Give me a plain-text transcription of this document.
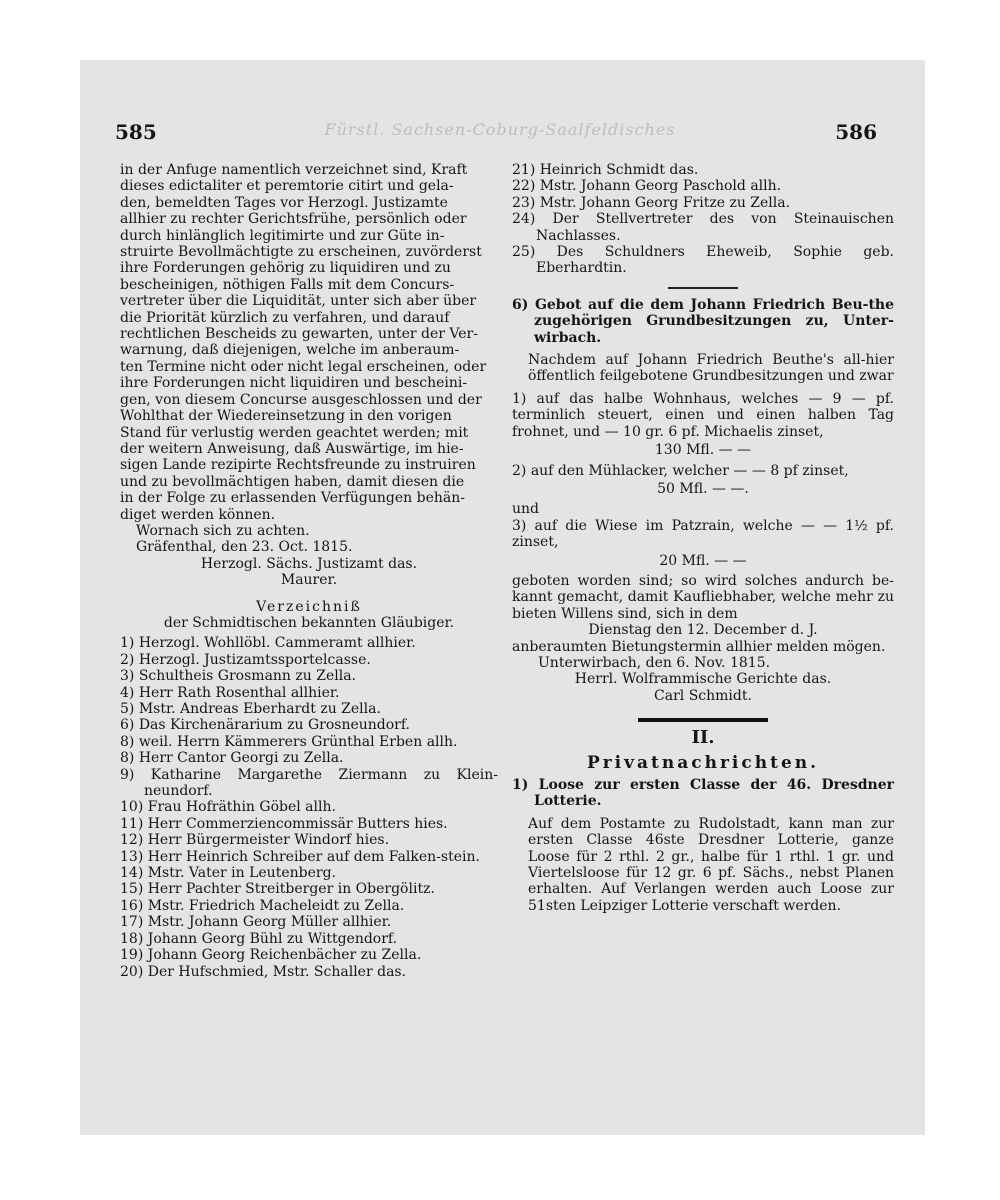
585	Fürstl. Sachsen-Coburg-Saalfeldisches	586
in der Anfuge namentlich verzeichnet sind, Kraft
dieses edictaliter et peremtorie citirt und gela-
den, bemeldten Tages vor Herzogl. Justizamte
allhier zu rechter Gerichtsfrühe, persönlich oder
durch hinlänglich legitimirte und zur Güte in-
struirte Bevollmächtigte zu erscheinen, zuvörderst
ihre Forderungen gehörig zu liquidiren und zu
bescheinigen, nöthigen Falls mit dem Concurs-
vertreter über die Liquidität, unter sich aber über
die Priorität kürzlich zu verfahren, und darauf
rechtlichen Bescheids zu gewarten, unter der Ver-
warnung, daß diejenigen, welche im anberaum-
ten Termine nicht oder nicht legal erscheinen, oder
ihre Forderungen nicht liquidiren und bescheini-
gen, von diesem Concurse ausgeschlossen und der
Wohlthat der Wiedereinsetzung in den vorigen
Stand für verlustig werden geachtet werden; mit
der weitern Anweisung, daß Auswärtige, im hie-
sigen Lande rezipirte Rechtsfreunde zu instruiren
und zu bevollmächtigen haben, damit diesen die
in der Folge zu erlassenden Verfügungen behän-
diget werden können.
Wornach sich zu achten.
Gräfenthal, den 23. Oct. 1815.
Herzogl. Sächs. Justizamt das.
Maurer.
Verzeichniß
der Schmidtischen bekannten Gläubiger.
1) Herzogl. Wohllöbl. Cammeramt allhier.
2) Herzogl. Justizamtssportelcasse.
3) Schultheis Grosmann zu Zella.
4) Herr Rath Rosenthal allhier.
5) Mstr. Andreas Eberhardt zu Zella.
6) Das Kirchenärarium zu Grosneundorf.
8) weil. Herrn Kämmerers Grünthal Erben allh.
8) Herr Cantor Georgi zu Zella.
9) Katharine Margarethe Ziermann zu Klein-neundorf.
10) Frau Hofräthin Göbel allh.
11) Herr Commerziencommissär Butters hies.
12) Herr Bürgermeister Windorf hies.
13) Herr Heinrich Schreiber auf dem Falken-stein.
14) Mstr. Vater in Leutenberg.
15) Herr Pachter Streitberger in Obergölitz.
16) Mstr. Friedrich Macheleidt zu Zella.
17) Mstr. Johann Georg Müller allhier.
18) Johann Georg Bühl zu Wittgendorf.
19) Johann Georg Reichenbächer zu Zella.
20) Der Hufschmied, Mstr. Schaller das.
21) Heinrich Schmidt das.
22) Mstr. Johann Georg Paschold allh.
23) Mstr. Johann Georg Fritze zu Zella.
24) Der Stellvertreter des von Steinauischen Nachlasses.
25) Des Schuldners Eheweib, Sophie geb. Eberhardtin.
6) Gebot auf die dem Johann Friedrich Beu-the zugehörigen Grundbesitzungen zu, Unter-wirbach.
Nachdem auf Johann Friedrich Beuthe's all-hier öffentlich feilgebotene Grundbesitzungen und zwar
1) auf das halbe Wohnhaus, welches — 9 — pf. terminlich steuert, einen und einen halben Tag frohnet, und — 10 gr. 6 pf. Michaelis zinset,
130 Mfl. — —
2) auf den Mühlacker, welcher — — 8 pf zinset,
50 Mfl. — —.
und
3) auf die Wiese im Patzrain, welche — — 1½ pf. zinset,
20 Mfl. — —
geboten worden sind; so wird solches andurch be-kannt gemacht, damit Kaufliebhaber, welche mehr zu bieten Willens sind, sich in dem
Dienstag den 12. December d. J.
anberaumten Bietungstermin allhier melden mögen.
Unterwirbach, den 6. Nov. 1815.
Herrl. Wolframmische Gerichte das.
Carl Schmidt.
II.
Privatnachrichten.
1) Loose zur ersten Classe der 46. Dresdner Lotterie.
Auf dem Postamte zu Rudolstadt, kann man zur ersten Classe 46ste Dresdner Lotterie, ganze Loose für 2 rthl. 2 gr., halbe für 1 rthl. 1 gr. und Viertelsloose für 12 gr. 6 pf. Sächs., nebst Planen erhalten. Auf Verlangen werden auch Loose zur 51sten Leipziger Lotterie verschaft werden.
